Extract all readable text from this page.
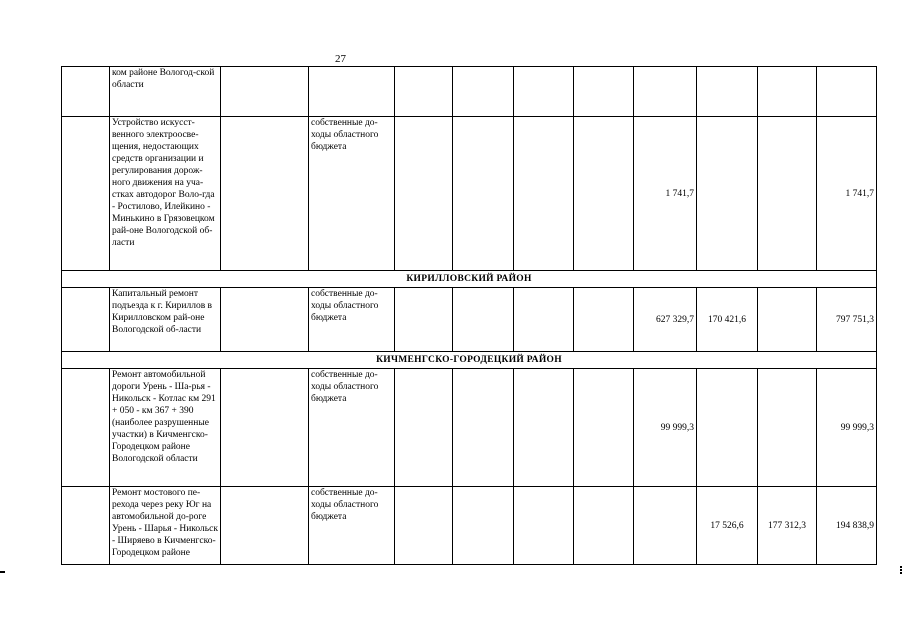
27
	ком районе Вологод-ской области										
	Устройство искусст-венного электроосве-щения, недостающих средств организации и регулирования дорож-ного движения на уча-стках автодорог Воло-гда - Ростилово, Илейкино - Минькино в Грязовецком рай-оне Вологодской об-ласти		собственные до-ходы областного бюджета					1 741,7			1 741,7
КИРИЛЛОВСКИЙ РАЙОН											
	Капитальный ремонт подъезда к г. Кириллов в Кирилловском рай-оне Вологодской об-ласти		собственные до-ходы областного бюджета					627 329,7	170 421,6		797 751,3
КИЧМЕНГСКО-ГОРОДЕЦКИЙ РАЙОН											
	Ремонт автомобильной дороги Урень - Ша-рья - Никольск - Котлас км 291 + 050 - км 367 + 390 (наиболее разрушенные участки) в Кичменгско-Городецком районе Вологодской области		собственные до-ходы областного бюджета					99 999,3			99 999,3
	Ремонт мостового пе-рехода через реку Юг на автомобильной до-роге Урень - Шарья - Никольск - Ширяево в Кичменгско-Городецком районе		собственные до-ходы областного бюджета						17 526,6	177 312,3	194 838,9
